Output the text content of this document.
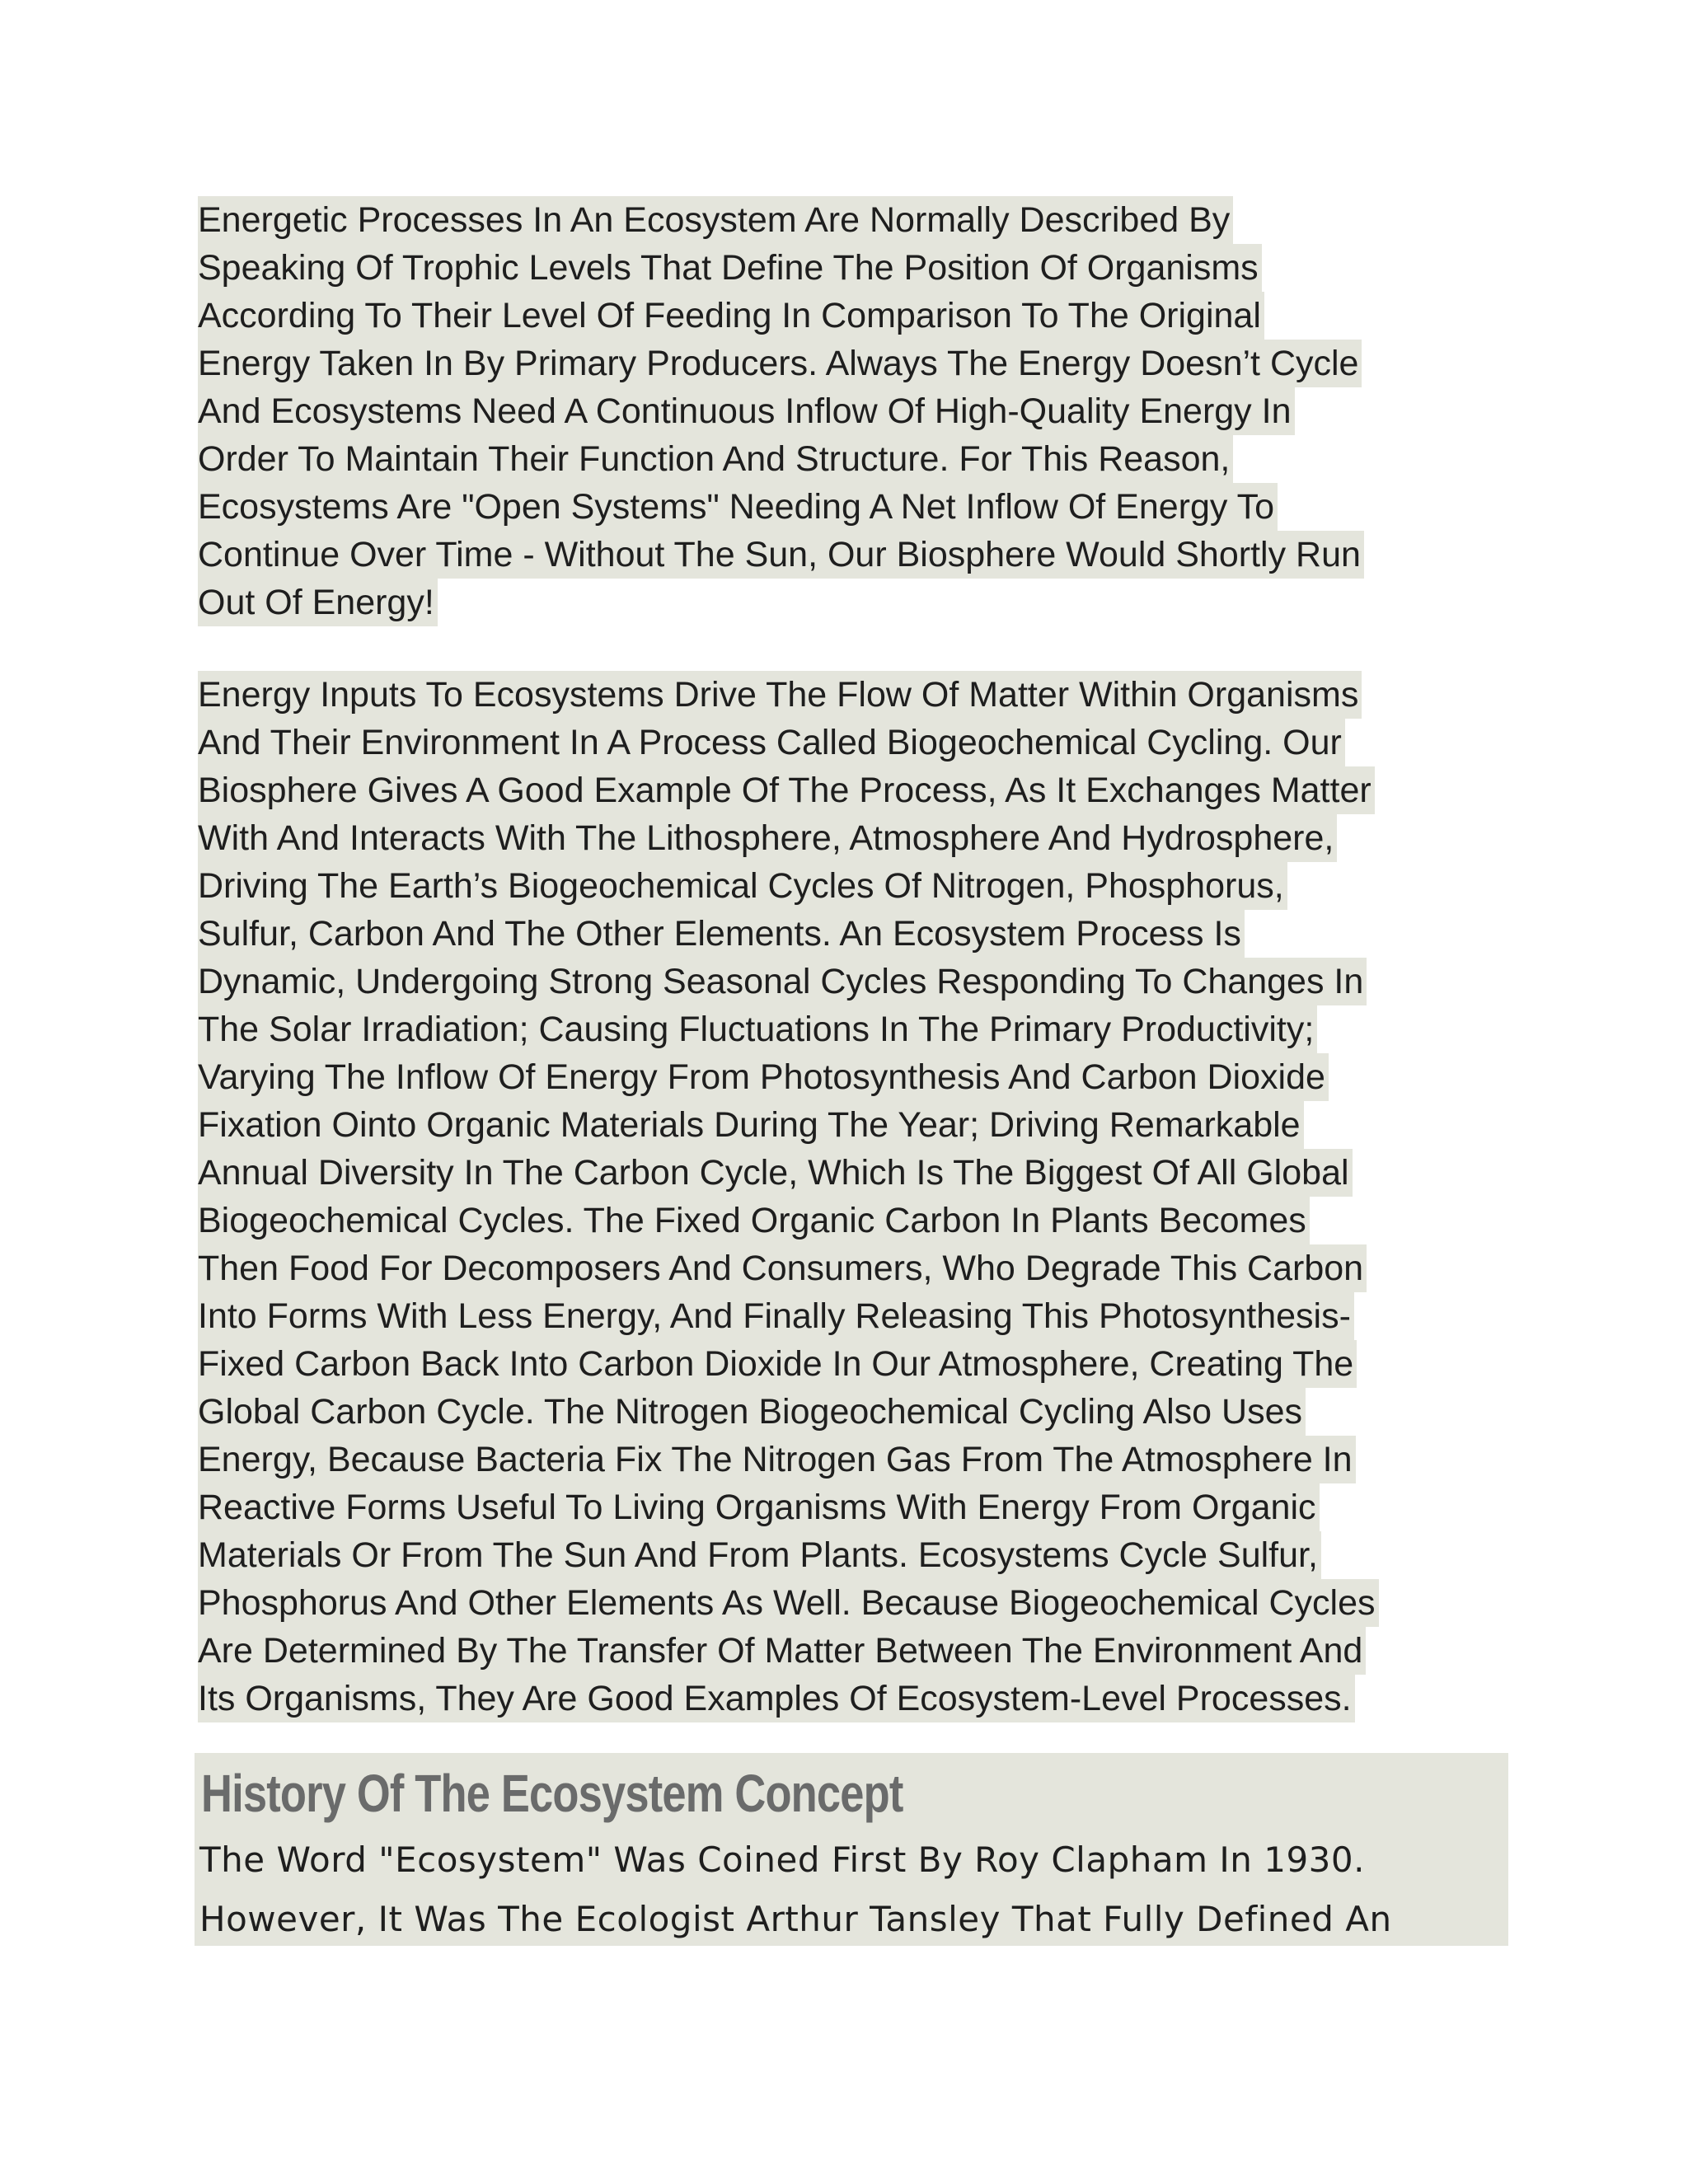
Energetic Processes In An Ecosystem Are Normally Described By
Speaking Of Trophic Levels That Define The Position Of Organisms
According To Their Level Of Feeding In Comparison To The Original
Energy Taken In By Primary Producers. Always The Energy Doesn’t Cycle
And Ecosystems Need A Continuous Inflow Of High-Quality Energy In
Order To Maintain Their Function And Structure. For This Reason,
Ecosystems Are "Open Systems" Needing A Net Inflow Of Energy To
Continue Over Time - Without The Sun, Our Biosphere Would Shortly Run
Out Of Energy!
Energy Inputs To Ecosystems Drive The Flow Of Matter Within Organisms
And Their Environment In A Process Called Biogeochemical Cycling. Our
Biosphere Gives A Good Example Of The Process, As It Exchanges Matter
With And Interacts With The Lithosphere, Atmosphere And Hydrosphere,
Driving The Earth’s Biogeochemical Cycles Of Nitrogen, Phosphorus,
Sulfur, Carbon And The Other Elements. An Ecosystem Process Is
Dynamic, Undergoing Strong Seasonal Cycles Responding To Changes In
The Solar Irradiation; Causing Fluctuations In The Primary Productivity;
Varying The Inflow Of Energy From Photosynthesis And Carbon Dioxide
Fixation Ointo Organic Materials During The Year; Driving Remarkable
Annual Diversity In The Carbon Cycle, Which Is The Biggest Of All Global
Biogeochemical Cycles. The Fixed Organic Carbon In Plants Becomes
Then Food For Decomposers And Consumers, Who Degrade This Carbon
Into Forms With Less Energy, And Finally Releasing This Photosynthesis-
Fixed Carbon Back Into Carbon Dioxide In Our Atmosphere, Creating The
Global Carbon Cycle. The Nitrogen Biogeochemical Cycling Also Uses
Energy, Because Bacteria Fix The Nitrogen Gas From The Atmosphere In
Reactive Forms Useful To Living Organisms With Energy From Organic
Materials Or From The Sun And From Plants. Ecosystems Cycle Sulfur,
Phosphorus And Other Elements As Well. Because Biogeochemical Cycles
Are Determined By The Transfer Of Matter Between The Environment And
Its Organisms, They Are Good Examples Of Ecosystem-Level Processes.
History Of The Ecosystem Concept
The Word "Ecosystem" Was Coined First By Roy Clapham In 1930.
However, It Was The Ecologist Arthur Tansley That Fully Defined An
